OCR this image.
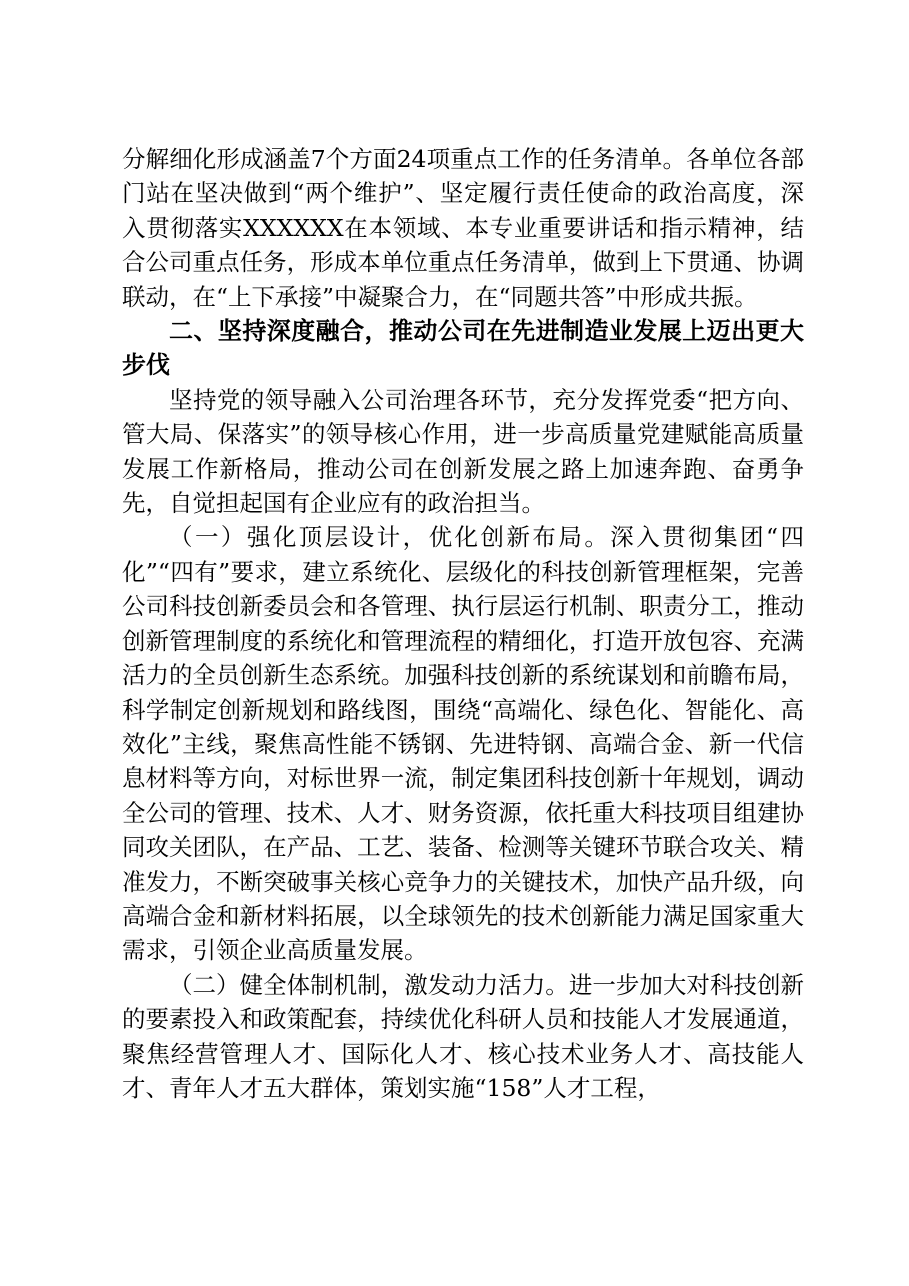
分解细化形成涵盖7个方面24项重点工作的任务清单。各单位各部门站在坚决做到“两个维护”、坚定履行责任使命的政治高度，深入贯彻落实XXXXXX在本领域、本专业重要讲话和指示精神，结合公司重点任务，形成本单位重点任务清单，做到上下贯通、协调联动，在“上下承接”中凝聚合力，在“同题共答”中形成共振。

二、坚持深度融合，推动公司在先进制造业发展上迈出更大步伐

坚持党的领导融入公司治理各环节，充分发挥党委“把方向、管大局、保落实”的领导核心作用，进一步高质量党建赋能高质量发展工作新格局，推动公司在创新发展之路上加速奔跑、奋勇争先，自觉担起国有企业应有的政治担当。

（一）强化顶层设计，优化创新布局。深入贯彻集团“四化”“四有”要求，建立系统化、层级化的科技创新管理框架，完善公司科技创新委员会和各管理、执行层运行机制、职责分工，推动创新管理制度的系统化和管理流程的精细化，打造开放包容、充满活力的全员创新生态系统。加强科技创新的系统谋划和前瞻布局，科学制定创新规划和路线图，围绕“高端化、绿色化、智能化、高效化”主线，聚焦高性能不锈钢、先进特钢、高端合金、新一代信息材料等方向，对标世界一流，制定集团科技创新十年规划，调动全公司的管理、技术、人才、财务资源，依托重大科技项目组建协同攻关团队，在产品、工艺、装备、检测等关键环节联合攻关、精准发力，不断突破事关核心竞争力的关键技术，加快产品升级，向高端合金和新材料拓展，以全球领先的技术创新能力满足国家重大需求，引领企业高质量发展。

（二）健全体制机制，激发动力活力。进一步加大对科技创新的要素投入和政策配套，持续优化科研人员和技能人才发展通道，聚焦经营管理人才、国际化人才、核心技术业务人才、高技能人才、青年人才五大群体，策划实施“158”人才工程，
